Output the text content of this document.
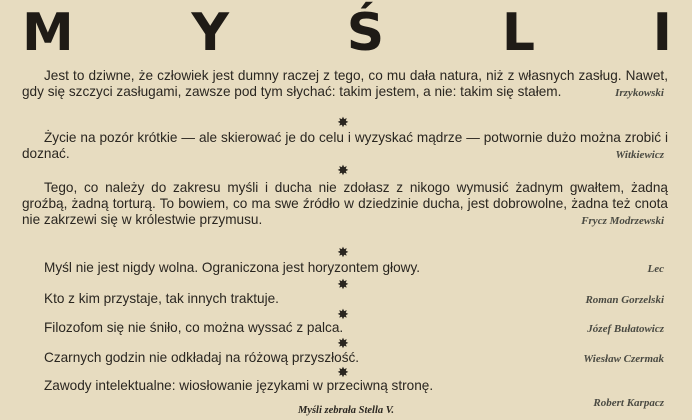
M Y Ś L I

Jest to dziwne, że człowiek jest dumny raczej z tego, co mu dała natura, niż z własnych zasług. Nawet, gdy się szczyci zasługami, zawsze pod tym słychać: takim jestem, a nie: takim się stałem.	Irzykowski
✸

Życie na pozór krótkie — ale skierować je do celu i wyzyskać mądrze — potwornie dużo można zrobić i doznać.	Witkiewicz
✸

Tego, co należy do zakresu myśli i ducha nie zdołasz z nikogo wymusić żadnym gwałtem, żadną groźbą, żadną torturą. To bowiem, co ma swe źródło w dziedzinie ducha, jest dobrowolne, żadna też cnota nie zakrzewi się w królestwie przymusu.	Frycz Modrzewski
✸

Myśl nie jest nigdy wolna. Ograniczona jest horyzontem głowy.	Lec
✸

Kto z kim przystaje, tak innych traktuje.	Roman Gorzelski
✸

Filozofom się nie śniło, co można wyssać z palca.	Józef Bułatowicz
✸

Czarnych godzin nie odkładaj na różową przyszłość.	Wiesław Czermak
✸

Zawody intelektualne: wiosłowanie językami w przeciwną stronę.

Robert Karpacz
Myśli zebrała Stella V.
